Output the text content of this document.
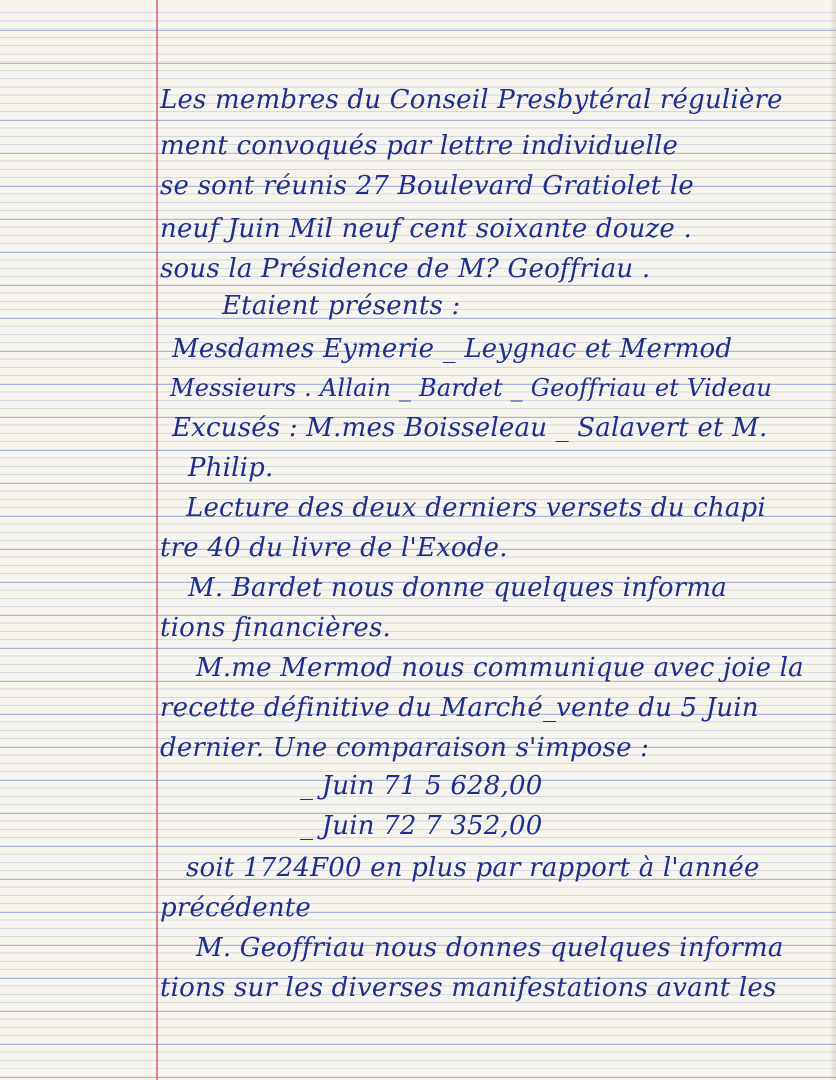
Les membres du Conseil Presbytéral régulière
ment convoqués par lettre individuelle
se sont réunis 27 Boulevard Gratiolet le
neuf Juin Mil neuf cent soixante douze .
sous la Présidence de M? Geoffriau .
Etaient présents :
Mesdames Eymerie _ Leygnac et Mermod
Messieurs . Allain _ Bardet _ Geoffriau et Videau
Excusés : M.mes Boisseleau _ Salavert et M.
Philip.
Lecture des deux derniers versets du chapi
tre 40 du livre de l'Exode.
M. Bardet nous donne quelques informa
tions financières.
M.me Mermod nous communique avec joie la
recette définitive du Marché_vente du 5 Juin
dernier. Une comparaison s'impose :
_ Juin 71 5 628,00
_ Juin 72 7 352,00
soit 1724F00 en plus par rapport à l'année
précédente
M. Geoffriau nous donnes quelques informa
tions sur les diverses manifestations avant les
